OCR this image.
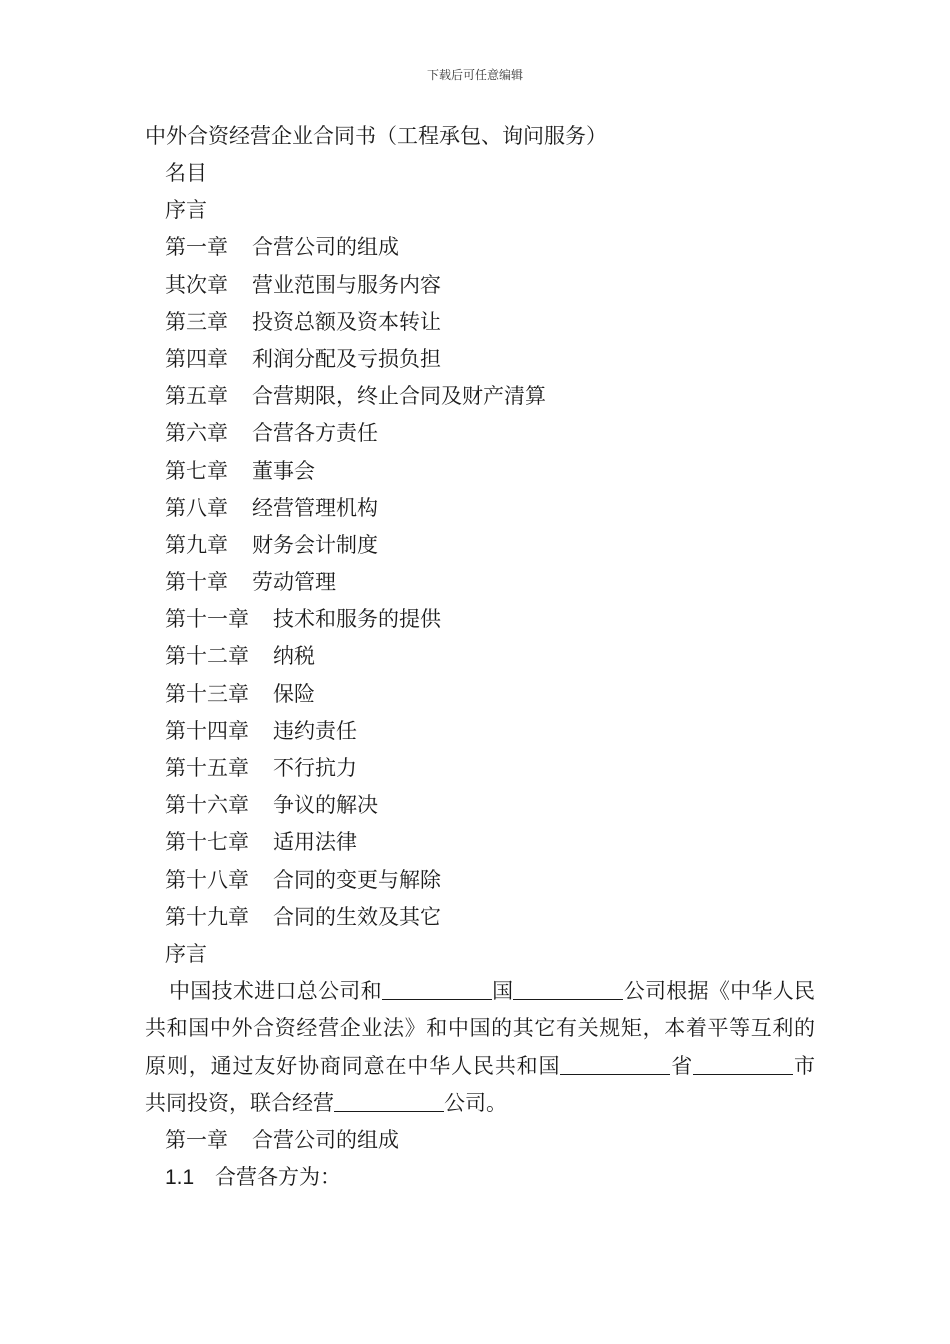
下载后可任意编辑
中外合资经营企业合同书（工程承包、询问服务）
名目
序言
第一章 合营公司的组成
其次章 营业范围与服务内容
第三章 投资总额及资本转让
第四章 利润分配及亏损负担
第五章 合营期限，终止合同及财产清算
第六章 合营各方责任
第七章 董事会
第八章 经营管理机构
第九章 财务会计制度
第十章 劳动管理
第十一章 技术和服务的提供
第十二章 纳税
第十三章 保险
第十四章 违约责任
第十五章 不行抗力
第十六章 争议的解决
第十七章 适用法律
第十八章 合同的变更与解除
第十九章 合同的生效及其它
序言
中国技术进口总公司和	国	公司根据《中华人民共和国中外合资经营企业法》和中国的其它有关规矩，本着平等互利的原则，通过友好协商同意在中华人民共和国	省	市共同投资，联合经营	公司。
第一章 合营公司的组成
1.1 合营各方为：
